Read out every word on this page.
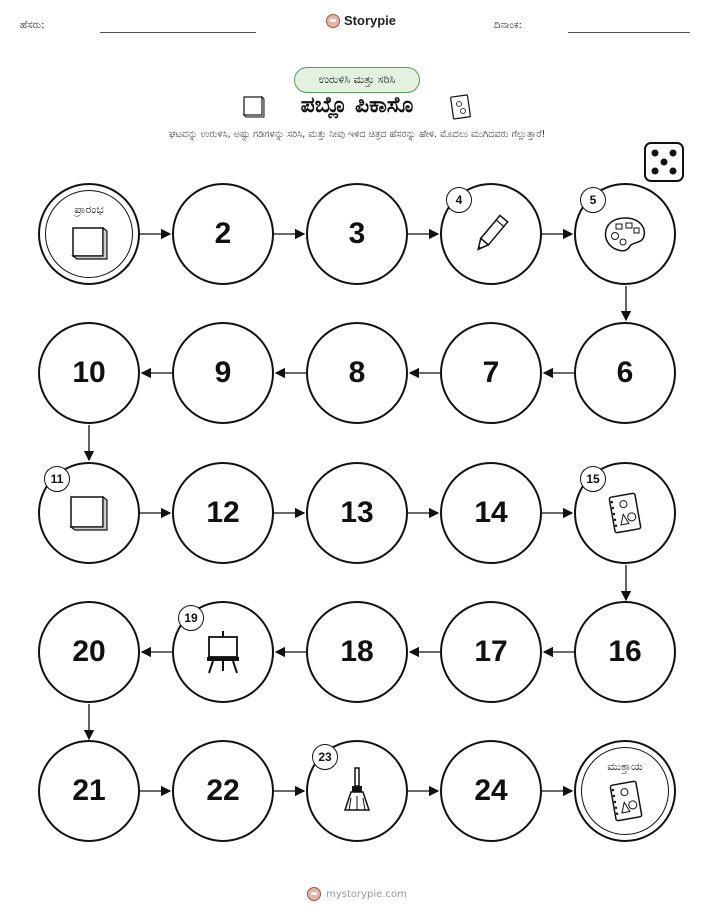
ಹೆಸರು:	Storypie	ದಿನಾಂಕ:
ಉರುಳಿಸಿ ಮತ್ತು ಸರಿಸಿ
ಪಬ್ಲೊ ಪಿಕಾಸೊ
ಘಟವನ್ನು ಉರುಳಿಸಿ, ಅಷ್ಟು ಗಡಿಗಳನ್ನು ಸರಿಸಿ, ಮತ್ತು ನೀವು ಇಳಿದ ಚಿತ್ರದ ಹೆಸರನ್ನು ಹೇಳಿ. ಮೊದಲು ಮುಗಿದವರು ಗೆಲ್ಲುತ್ತಾರೆ!
ಪ್ರಾರಂಭ
2	3
4	5
10	9	8	7	6
11
12	13	14
15
20
19
18	17	16
21	22
23
24
ಮುಕ್ತಾಯ
mystorypie.com
